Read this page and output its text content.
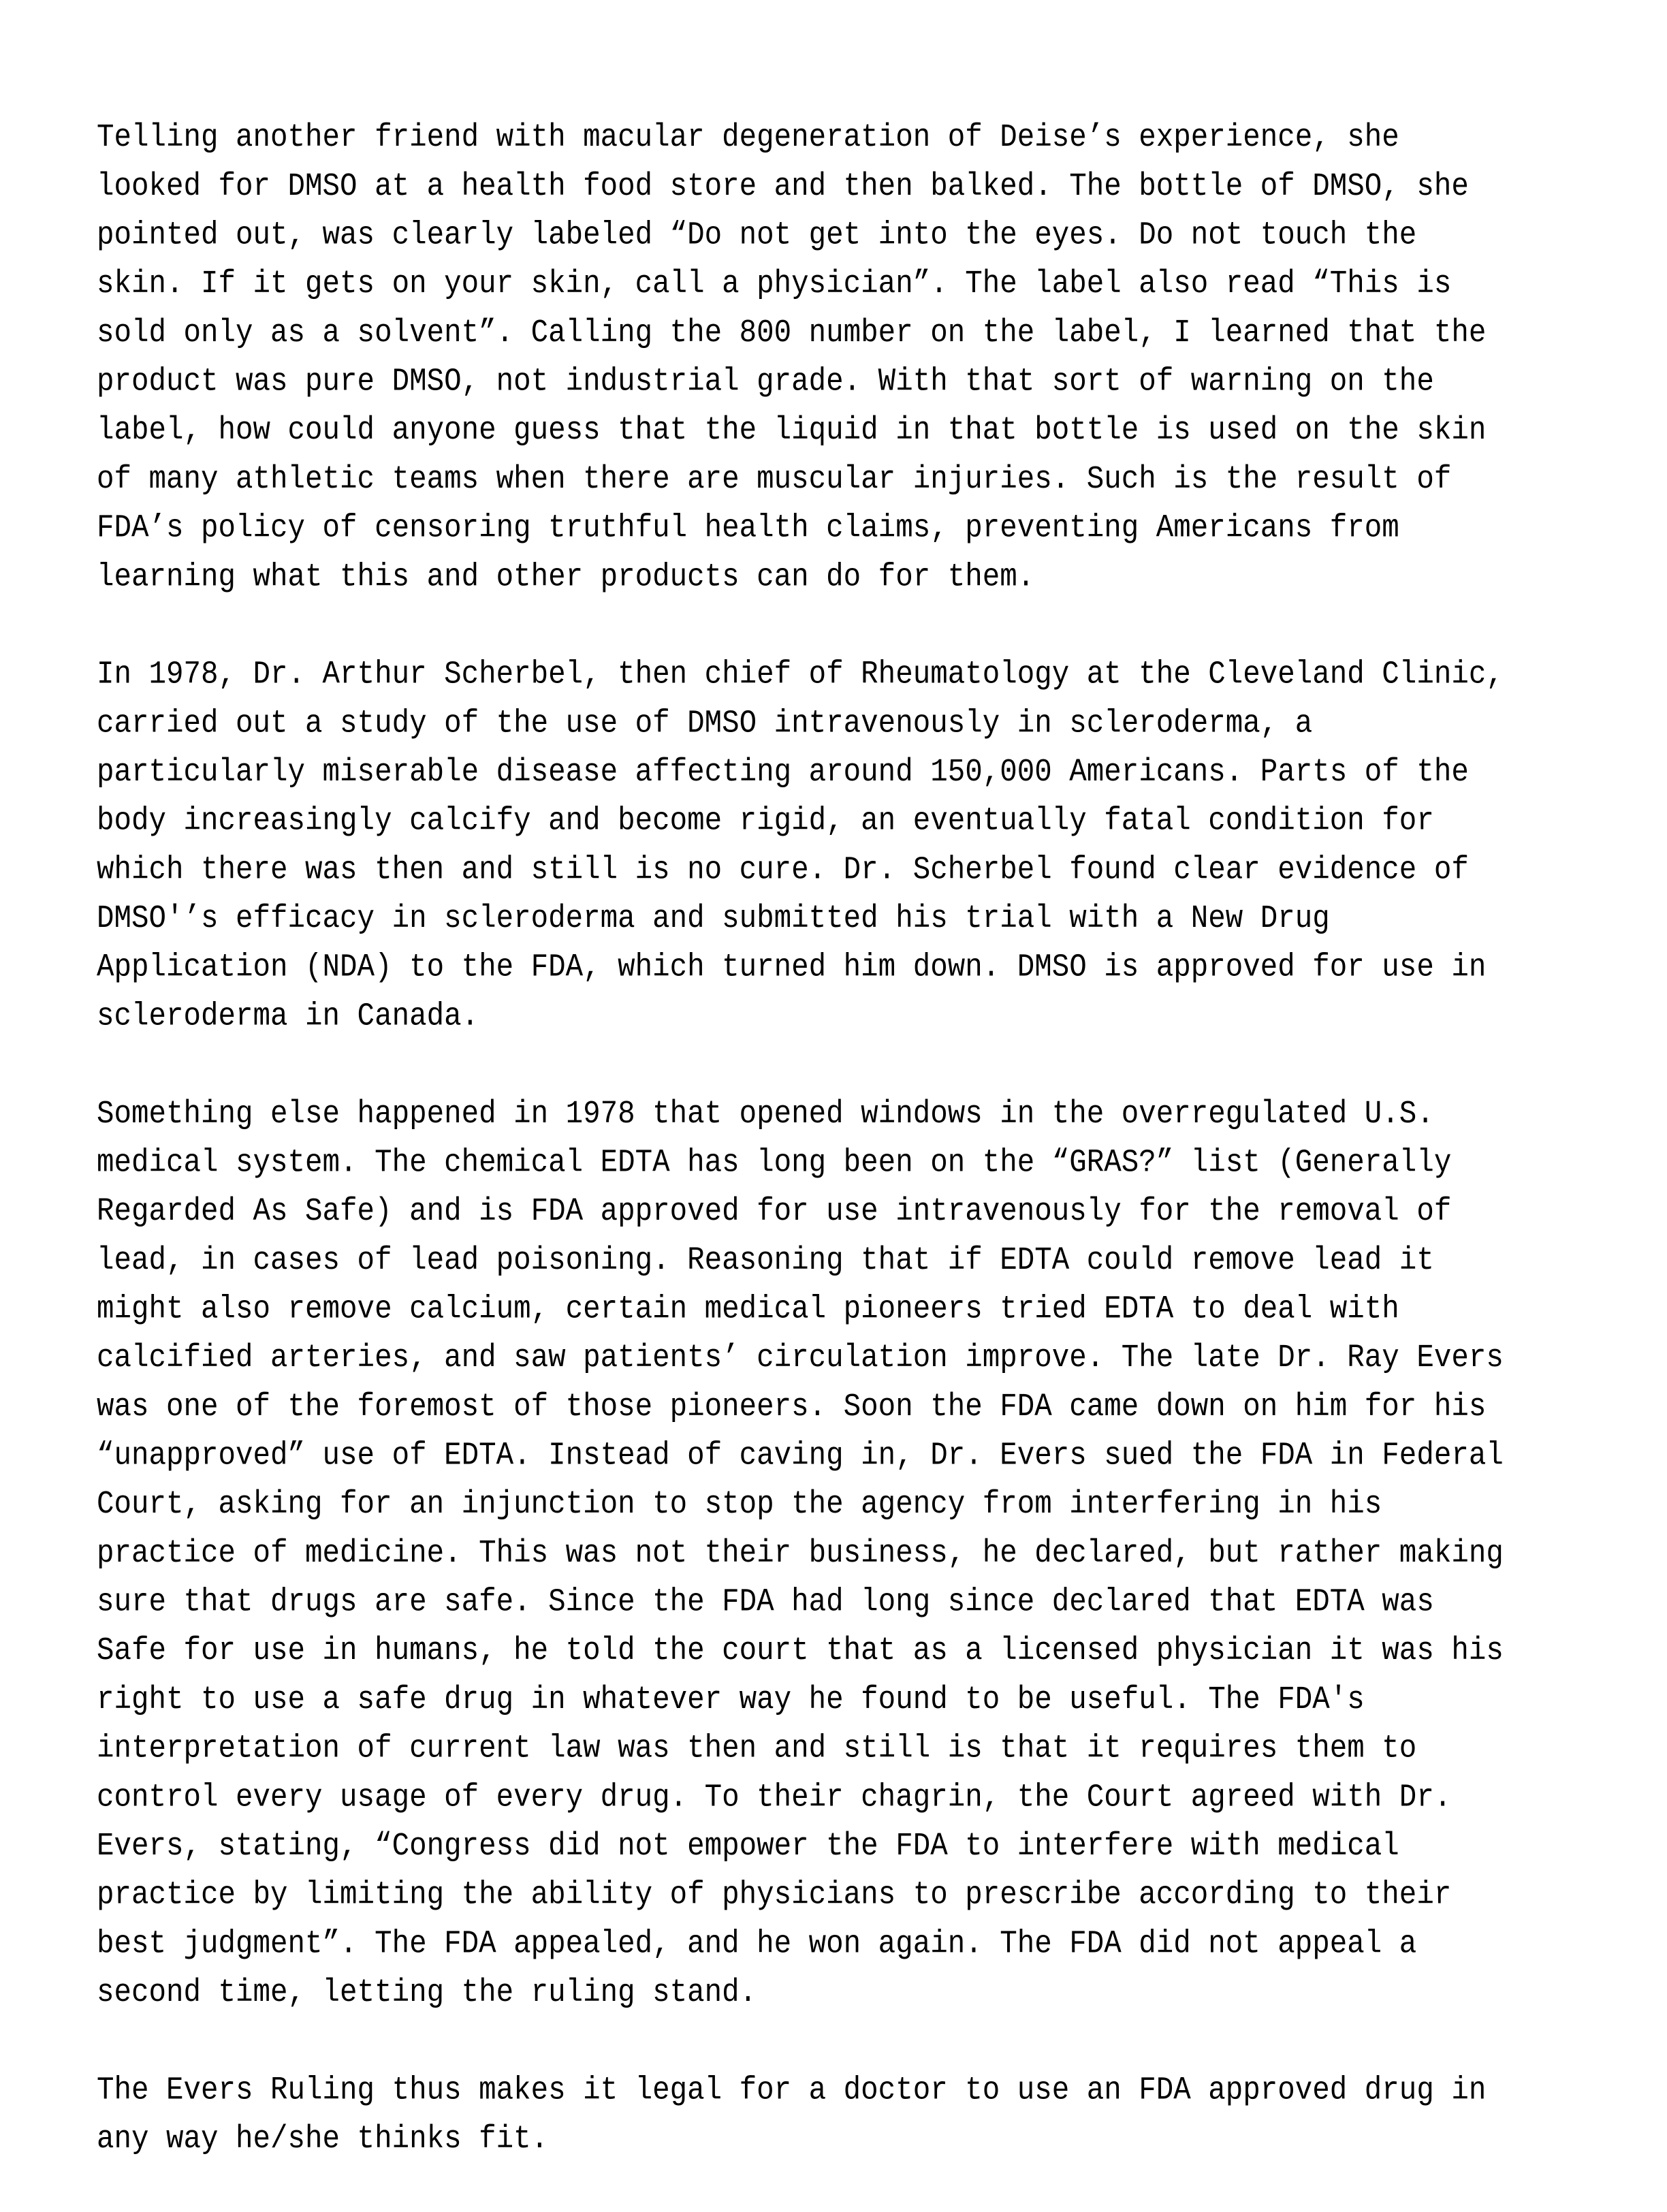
Telling another friend with macular degeneration of Deise’s experience, she
looked for DMSO at a health food store and then balked. The bottle of DMSO, she
pointed out, was clearly labeled “Do not get into the eyes. Do not touch the
skin. If it gets on your skin, call a physician”. The label also read “This is
sold only as a solvent”. Calling the 800 number on the label, I learned that the
product was pure DMSO, not industrial grade. With that sort of warning on the
label, how could anyone guess that the liquid in that bottle is used on the skin
of many athletic teams when there are muscular injuries. Such is the result of
FDA’s policy of censoring truthful health claims, preventing Americans from
learning what this and other products can do for them.
In 1978, Dr. Arthur Scherbel, then chief of Rheumatology at the Cleveland Clinic,
carried out a study of the use of DMSO intravenously in scleroderma, a
particularly miserable disease affecting around 150,000 Americans. Parts of the
body increasingly calcify and become rigid, an eventually fatal condition for
which there was then and still is no cure. Dr. Scherbel found clear evidence of
DMSO'’s efficacy in scleroderma and submitted his trial with a New Drug
Application (NDA) to the FDA, which turned him down. DMSO is approved for use in
scleroderma in Canada.
Something else happened in 1978 that opened windows in the overregulated U.S.
medical system. The chemical EDTA has long been on the “GRAS?” list (Generally
Regarded As Safe) and is FDA approved for use intravenously for the removal of
lead, in cases of lead poisoning. Reasoning that if EDTA could remove lead it
might also remove calcium, certain medical pioneers tried EDTA to deal with
calcified arteries, and saw patients’ circulation improve. The late Dr. Ray Evers
was one of the foremost of those pioneers. Soon the FDA came down on him for his
“unapproved” use of EDTA. Instead of caving in, Dr. Evers sued the FDA in Federal
Court, asking for an injunction to stop the agency from interfering in his
practice of medicine. This was not their business, he declared, but rather making
sure that drugs are safe. Since the FDA had long since declared that EDTA was
Safe for use in humans, he told the court that as a licensed physician it was his
right to use a safe drug in whatever way he found to be useful. The FDA's
interpretation of current law was then and still is that it requires them to
control every usage of every drug. To their chagrin, the Court agreed with Dr.
Evers, stating, “Congress did not empower the FDA to interfere with medical
practice by limiting the ability of physicians to prescribe according to their
best judgment”. The FDA appealed, and he won again. The FDA did not appeal a
second time, letting the ruling stand.
The Evers Ruling thus makes it legal for a doctor to use an FDA approved drug in
any way he/she thinks fit.
